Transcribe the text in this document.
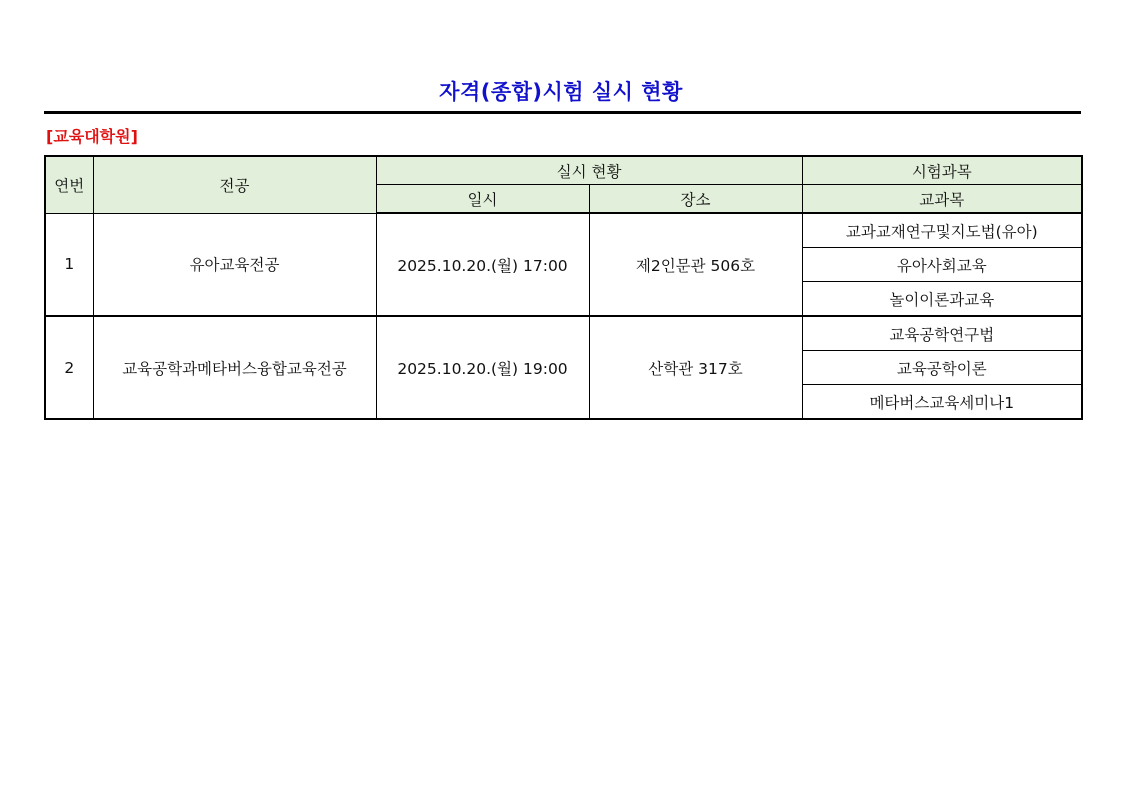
자격(종합)시험 실시 현황
[교육대학원]
연번	전공	실시 현황		시험과목
		일시	장소	교과목
1	유아교육전공	2025.10.20.(월) 17:00	제2인문관 506호	교과교재연구및지도법(유아)
				유아사회교육
				놀이이론과교육
2	교육공학과메타버스융합교육전공	2025.10.20.(월) 19:00	산학관 317호	교육공학연구법
				교육공학이론
				메타버스교육세미나1
